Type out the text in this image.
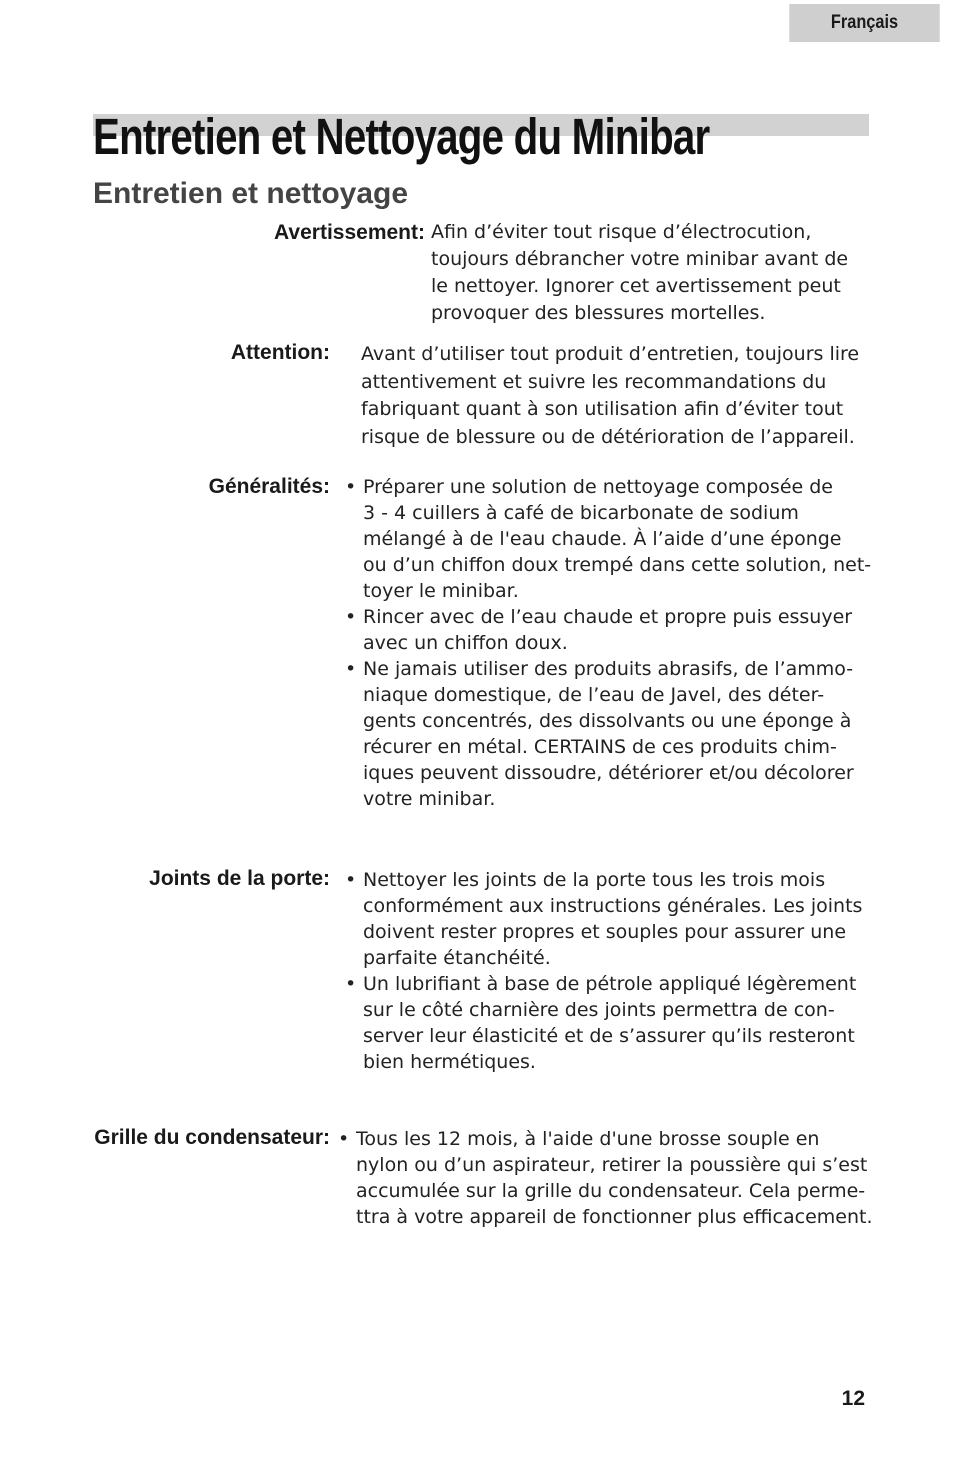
Français
Entretien et Nettoyage du Minibar
Entretien et nettoyage
Avertissement: Afin d’éviter tout risque d’électrocution,
toujours débrancher votre minibar avant de
le nettoyer. Ignorer cet avertissement peut
provoquer des blessures mortelles.
Attention: Avant d’utiliser tout produit d’entretien, toujours lire
attentivement et suivre les recommandations du
fabriquant quant à son utilisation afin d’éviter tout
risque de blessure ou de détérioration de l’appareil.
Généralités: • Préparer une solution de nettoyage composée de
3 - 4 cuillers à café de bicarbonate de sodium
mélangé à de l'eau chaude. À l’aide d’une éponge
ou d’un chiffon doux trempé dans cette solution, net-
toyer le minibar.
• Rincer avec de l’eau chaude et propre puis essuyer
avec un chiffon doux.
• Ne jamais utiliser des produits abrasifs, de l’ammo-
niaque domestique, de l’eau de Javel, des déter-
gents concentrés, des dissolvants ou une éponge à
récurer en métal. CERTAINS de ces produits chim-
iques peuvent dissoudre, détériorer et/ou décolorer
votre minibar.
Joints de la porte: • Nettoyer les joints de la porte tous les trois mois
conformément aux instructions générales. Les joints
doivent rester propres et souples pour assurer une
parfaite étanchéité.
• Un lubrifiant à base de pétrole appliqué légèrement
sur le côté charnière des joints permettra de con-
server leur élasticité et de s’assurer qu’ils resteront
bien hermétiques.
Grille du condensateur: • Tous les 12 mois, à l'aide d'une brosse souple en
nylon ou d’un aspirateur, retirer la poussière qui s’est
accumulée sur la grille du condensateur. Cela perme-
ttra à votre appareil de fonctionner plus efficacement.
12
